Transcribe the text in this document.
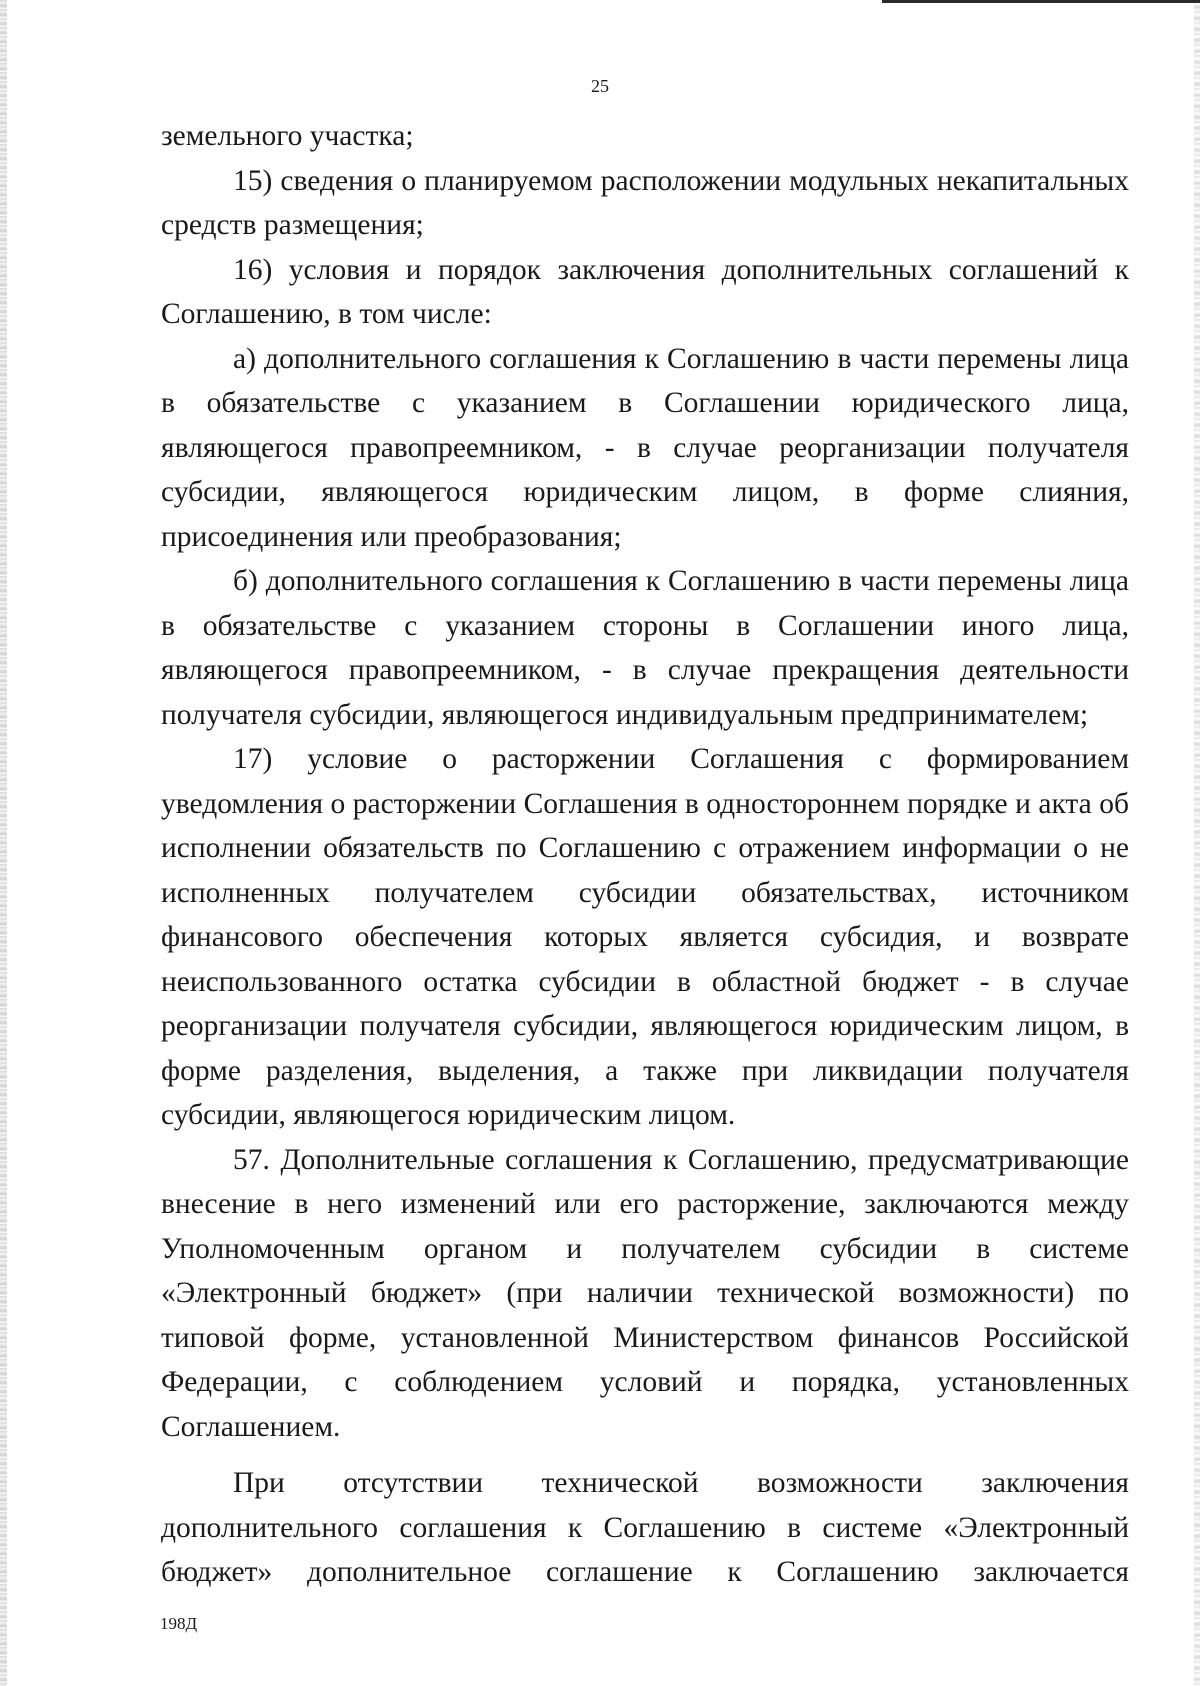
25

земельного участка;

15) сведения о планируемом расположении модульных некапитальных средств размещения;

16) условия и порядок заключения дополнительных соглашений к Соглашению, в том числе:

а) дополнительного соглашения к Соглашению в части перемены лица в обязательстве с указанием в Соглашении юридического лица, являющегося правопреемником, - в случае реорганизации получателя субсидии, являющегося юридическим лицом, в форме слияния, присоединения или преобразования;

б) дополнительного соглашения к Соглашению в части перемены лица в обязательстве с указанием стороны в Соглашении иного лица, являющегося правопреемником, - в случае прекращения деятельности получателя субсидии, являющегося индивидуальным предпринимателем;

17) условие о расторжении Соглашения с формированием уведомления о расторжении Соглашения в одностороннем порядке и акта об исполнении обязательств по Соглашению с отражением информации о не исполненных получателем субсидии обязательствах, источником финансового обеспечения которых является субсидия, и возврате неиспользованного остатка субсидии в областной бюджет - в случае реорганизации получателя субсидии, являющегося юридическим лицом, в форме разделения, выделения, а также при ликвидации получателя субсидии, являющегося юридическим лицом.

57. Дополнительные соглашения к Соглашению, предусматривающие внесение в него изменений или его расторжение, заключаются между Уполномоченным органом и получателем субсидии в системе «Электронный бюджет» (при наличии технической возможности) по типовой форме, установленной Министерством финансов Российской Федерации, с соблюдением условий и порядка, установленных Соглашением.

При отсутствии технической возможности заключения дополнительного соглашения к Соглашению в системе «Электронный бюджет» дополнительное соглашение к Соглашению заключается

198Д
